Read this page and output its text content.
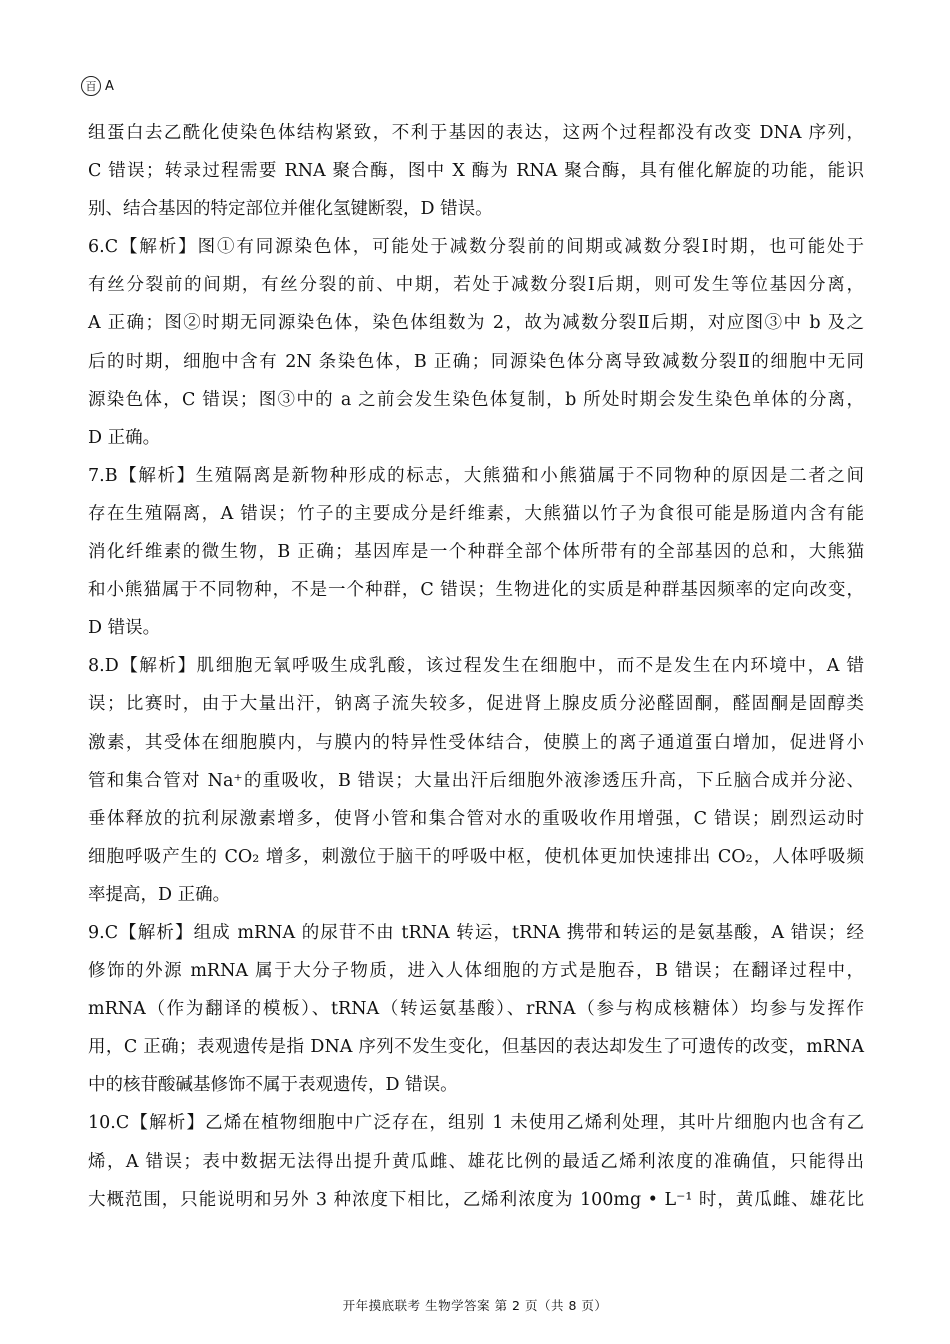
百 A
组蛋白去乙酰化使染色体结构紧致，不利于基因的表达，这两个过程都没有改变 DNA 序列，
C 错误；转录过程需要 RNA 聚合酶，图中 X 酶为 RNA 聚合酶，具有催化解旋的功能，能识
别、结合基因的特定部位并催化氢键断裂，D 错误。
6.C【解析】图①有同源染色体，可能处于减数分裂前的间期或减数分裂Ⅰ时期，也可能处于
有丝分裂前的间期，有丝分裂的前、中期，若处于减数分裂Ⅰ后期，则可发生等位基因分离，
A 正确；图②时期无同源染色体，染色体组数为 2，故为减数分裂Ⅱ后期，对应图③中 b 及之
后的时期，细胞中含有 2N 条染色体，B 正确；同源染色体分离导致减数分裂Ⅱ的细胞中无同
源染色体，C 错误；图③中的 a 之前会发生染色体复制，b 所处时期会发生染色单体的分离，
D 正确。
7.B【解析】生殖隔离是新物种形成的标志，大熊猫和小熊猫属于不同物种的原因是二者之间
存在生殖隔离，A 错误；竹子的主要成分是纤维素，大熊猫以竹子为食很可能是肠道内含有能
消化纤维素的微生物，B 正确；基因库是一个种群全部个体所带有的全部基因的总和，大熊猫
和小熊猫属于不同物种，不是一个种群，C 错误；生物进化的实质是种群基因频率的定向改变，
D 错误。
8.D【解析】肌细胞无氧呼吸生成乳酸，该过程发生在细胞中，而不是发生在内环境中，A 错
误；比赛时，由于大量出汗，钠离子流失较多，促进肾上腺皮质分泌醛固酮，醛固酮是固醇类
激素，其受体在细胞膜内，与膜内的特异性受体结合，使膜上的离子通道蛋白增加，促进肾小
管和集合管对 Na⁺的重吸收，B 错误；大量出汗后细胞外液渗透压升高，下丘脑合成并分泌、
垂体释放的抗利尿激素增多，使肾小管和集合管对水的重吸收作用增强，C 错误；剧烈运动时
细胞呼吸产生的 CO₂ 增多，刺激位于脑干的呼吸中枢，使机体更加快速排出 CO₂，人体呼吸频
率提高，D 正确。
9.C【解析】组成 mRNA 的尿苷不由 tRNA 转运，tRNA 携带和转运的是氨基酸，A 错误；经
修饰的外源 mRNA 属于大分子物质，进入人体细胞的方式是胞吞，B 错误；在翻译过程中，
mRNA（作为翻译的模板）、tRNA（转运氨基酸）、rRNA（参与构成核糖体）均参与发挥作
用，C 正确；表观遗传是指 DNA 序列不发生变化，但基因的表达却发生了可遗传的改变，mRNA
中的核苷酸碱基修饰不属于表观遗传，D 错误。
10.C【解析】乙烯在植物细胞中广泛存在，组别 1 未使用乙烯利处理，其叶片细胞内也含有乙
烯，A 错误；表中数据无法得出提升黄瓜雌、雄花比例的最适乙烯利浓度的准确值，只能得出
大概范围，只能说明和另外 3 种浓度下相比，乙烯利浓度为 100mg • L⁻¹ 时，黄瓜雌、雄花比
开年摸底联考 生物学答案 第 2 页（共 8 页）
